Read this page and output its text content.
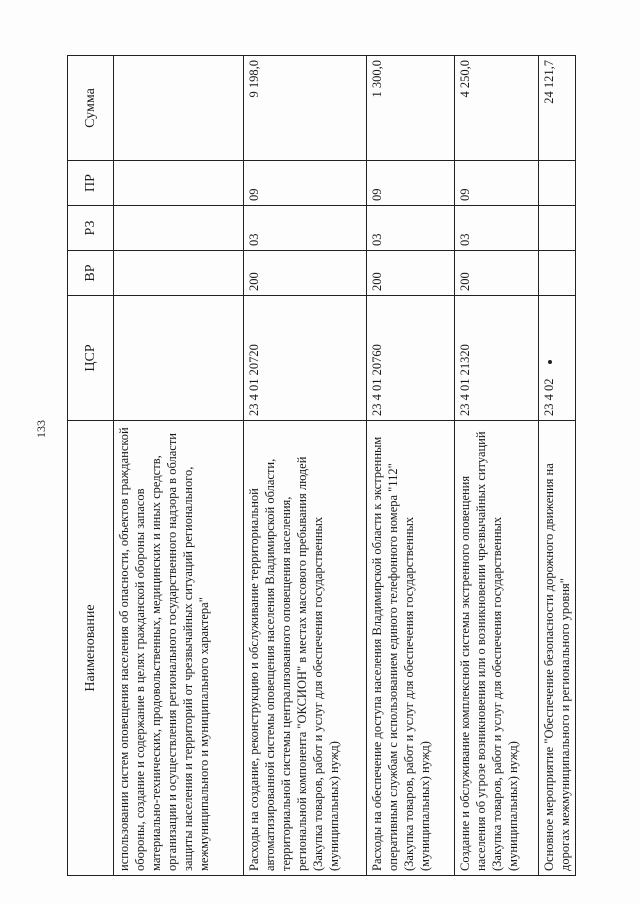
133
Наименование	ЦСР	ВР	РЗ	ПР	Сумма
использовании систем оповещения населения об опасности, объектов гражданской обороны, создание и содержание в целях гражданской обороны запасов материально-технических, продовольственных, медицинских и иных средств, организации и осуществления регионального государственного надзора в области защиты населения и территорий от чрезвычайных ситуаций регионального, межмуниципального и муниципального характера"					
Расходы на создание, реконструкцию и обслуживание территориальной автоматизированной системы оповещения населения Владимирской области, территориальной системы централизованного оповещения населения, региональной компонента "ОКСИОН" в местах массового пребывания людей (Закупка товаров, работ и услуг для обеспечения государственных (муниципальных) нужд)	23 4 01 20720	200	03	09	9 198,0
Расходы на обеспечение доступа населения Владимирской области к экстренным оперативным службам с использованием единого телефонного номера "112" (Закупка товаров, работ и услуг для обеспечения государственных (муниципальных) нужд)	23 4 01 20760	200	03	09	1 300,0
Создание и обслуживание комплексной системы экстренного оповещения населения об угрозе возникновения или о возникновении чрезвычайных ситуаций (Закупка товаров, работ и услуг для обеспечения государственных (муниципальных) нужд)	23 4 01 21320	200	03	09	4 250,0
Основное мероприятие "Обеспечение безопасности дорожного движения на дорогах межмуниципального и регионального уровня"	23 4 02				24 121,7
